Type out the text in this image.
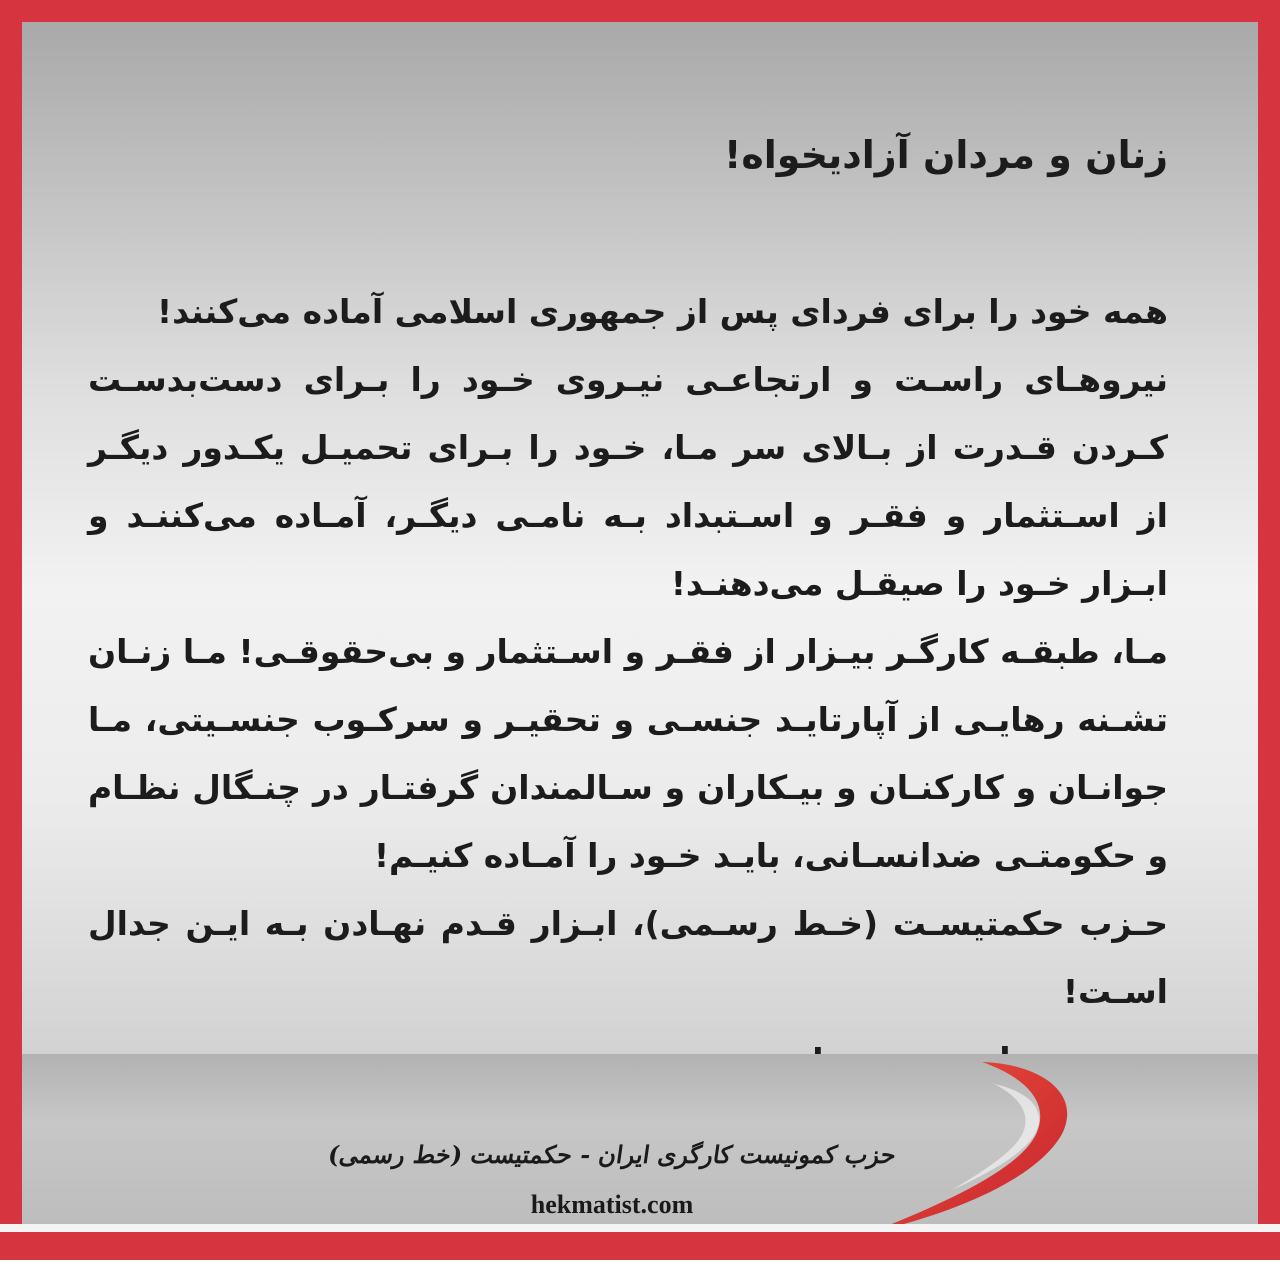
زنان و مردان آزادیخواه!

همه خود را برای فردای پس از جمهوری اسلامی آماده می‌کنند!

نیروهـای راسـت و ارتجاعـی نیـروی خـود را بـرای دست‌بدسـت کـردن قـدرت از بـالای سر مـا، خـود را بـرای تحمیـل یکـدور دیگـر از اسـتثمار و فقـر و اسـتبداد بـه نامـی دیگـر، آمـاده می‌کننـد و ابـزار خـود را صیقـل می‌دهنـد!

مـا، طبقـه کارگـر بیـزار از فقـر و اسـتثمار و بی‌حقوقـی! مـا زنـان تشـنه رهایـی از آپارتایـد جنسـی و تحقیـر و سرکـوب جنسـیتی، مـا جوانـان و کارکنـان و بیـکاران و سـالمندان گرفتـار در چنـگال نظـام و حکومتـی ضدانسـانی، بایـد خـود را آمـاده کنیـم!

حـزب حکمتیسـت (خـط رسـمی)، ابـزار قـدم نهـادن بـه ایـن جدال اسـت!

حزب کمونیست کارگری ایران - حکمتیست (خط رسمی)

hekmatist.com
